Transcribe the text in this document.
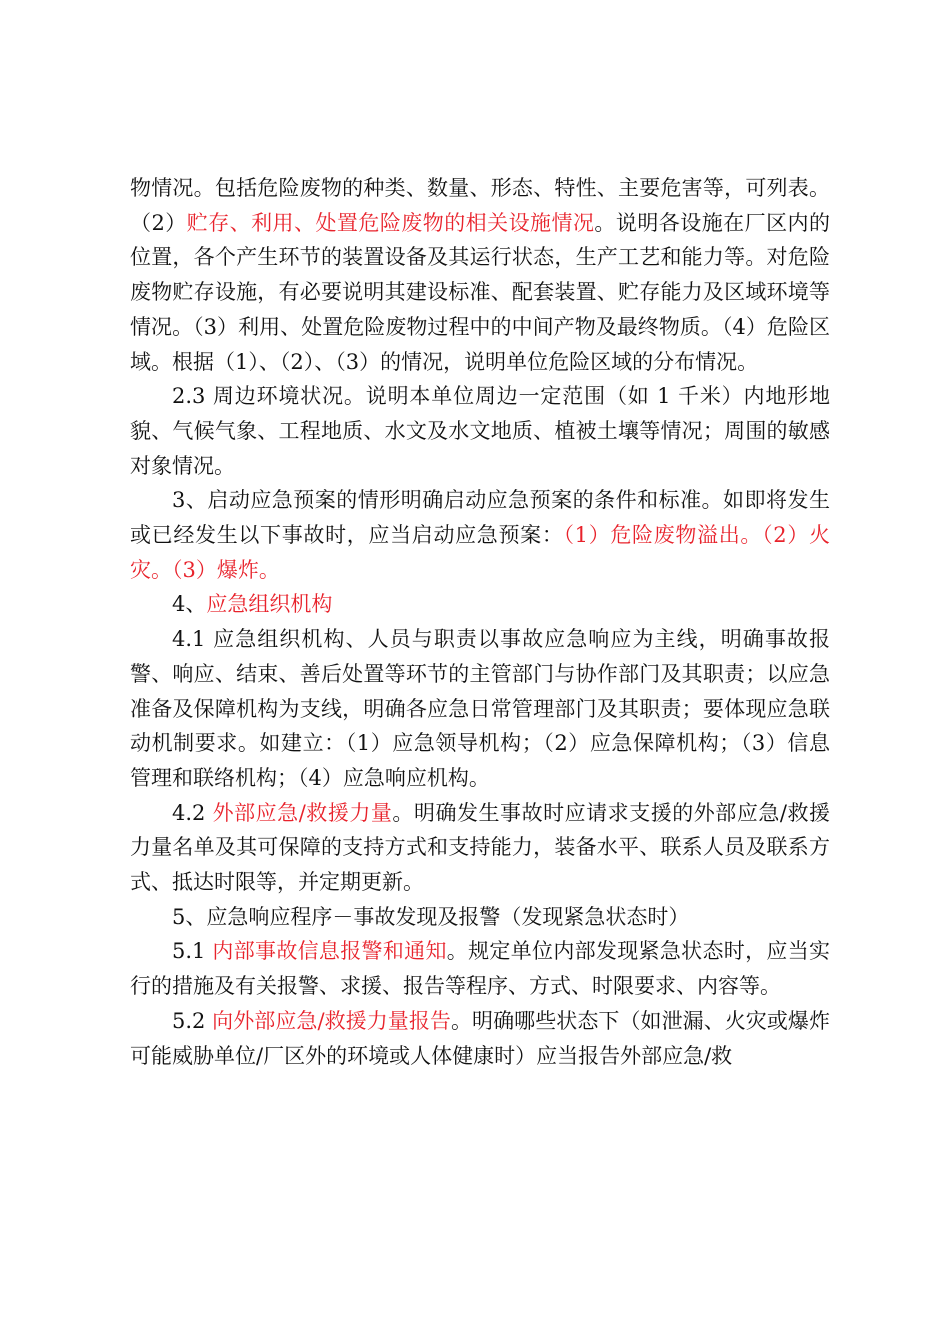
物情况。包括危险废物的种类、数量、形态、特性、主要危害等，可列表。（2）贮存、利用、处置危险废物的相关设施情况。说明各设施在厂区内的位置，各个产生环节的装置设备及其运行状态，生产工艺和能力等。对危险废物贮存设施，有必要说明其建设标准、配套装置、贮存能力及区域环境等情况。（3）利用、处置危险废物过程中的中间产物及最终物质。（4）危险区域。根据（1）、（2）、（3）的情况，说明单位危险区域的分布情况。

2.3 周边环境状况。说明本单位周边一定范围（如 1 千米）内地形地貌、气候气象、工程地质、水文及水文地质、植被土壤等情况；周围的敏感对象情况。

3、启动应急预案的情形明确启动应急预案的条件和标准。如即将发生或已经发生以下事故时，应当启动应急预案：（1）危险废物溢出。（2）火灾。（3）爆炸。

4、应急组织机构

4.1 应急组织机构、人员与职责以事故应急响应为主线，明确事故报警、响应、结束、善后处置等环节的主管部门与协作部门及其职责；以应急准备及保障机构为支线，明确各应急日常管理部门及其职责；要体现应急联动机制要求。如建立：（1）应急领导机构；（2）应急保障机构；（3）信息管理和联络机构；（4）应急响应机构。

4.2 外部应急/救援力量。明确发生事故时应请求支援的外部应急/救援力量名单及其可保障的支持方式和支持能力，装备水平、联系人员及联系方式、抵达时限等，并定期更新。

5、应急响应程序－事故发现及报警（发现紧急状态时）

5.1 内部事故信息报警和通知。规定单位内部发现紧急状态时，应当实行的措施及有关报警、求援、报告等程序、方式、时限要求、内容等。

5.2 向外部应急/救援力量报告。明确哪些状态下（如泄漏、火灾或爆炸可能威胁单位/厂区外的环境或人体健康时）应当报告外部应急/救
